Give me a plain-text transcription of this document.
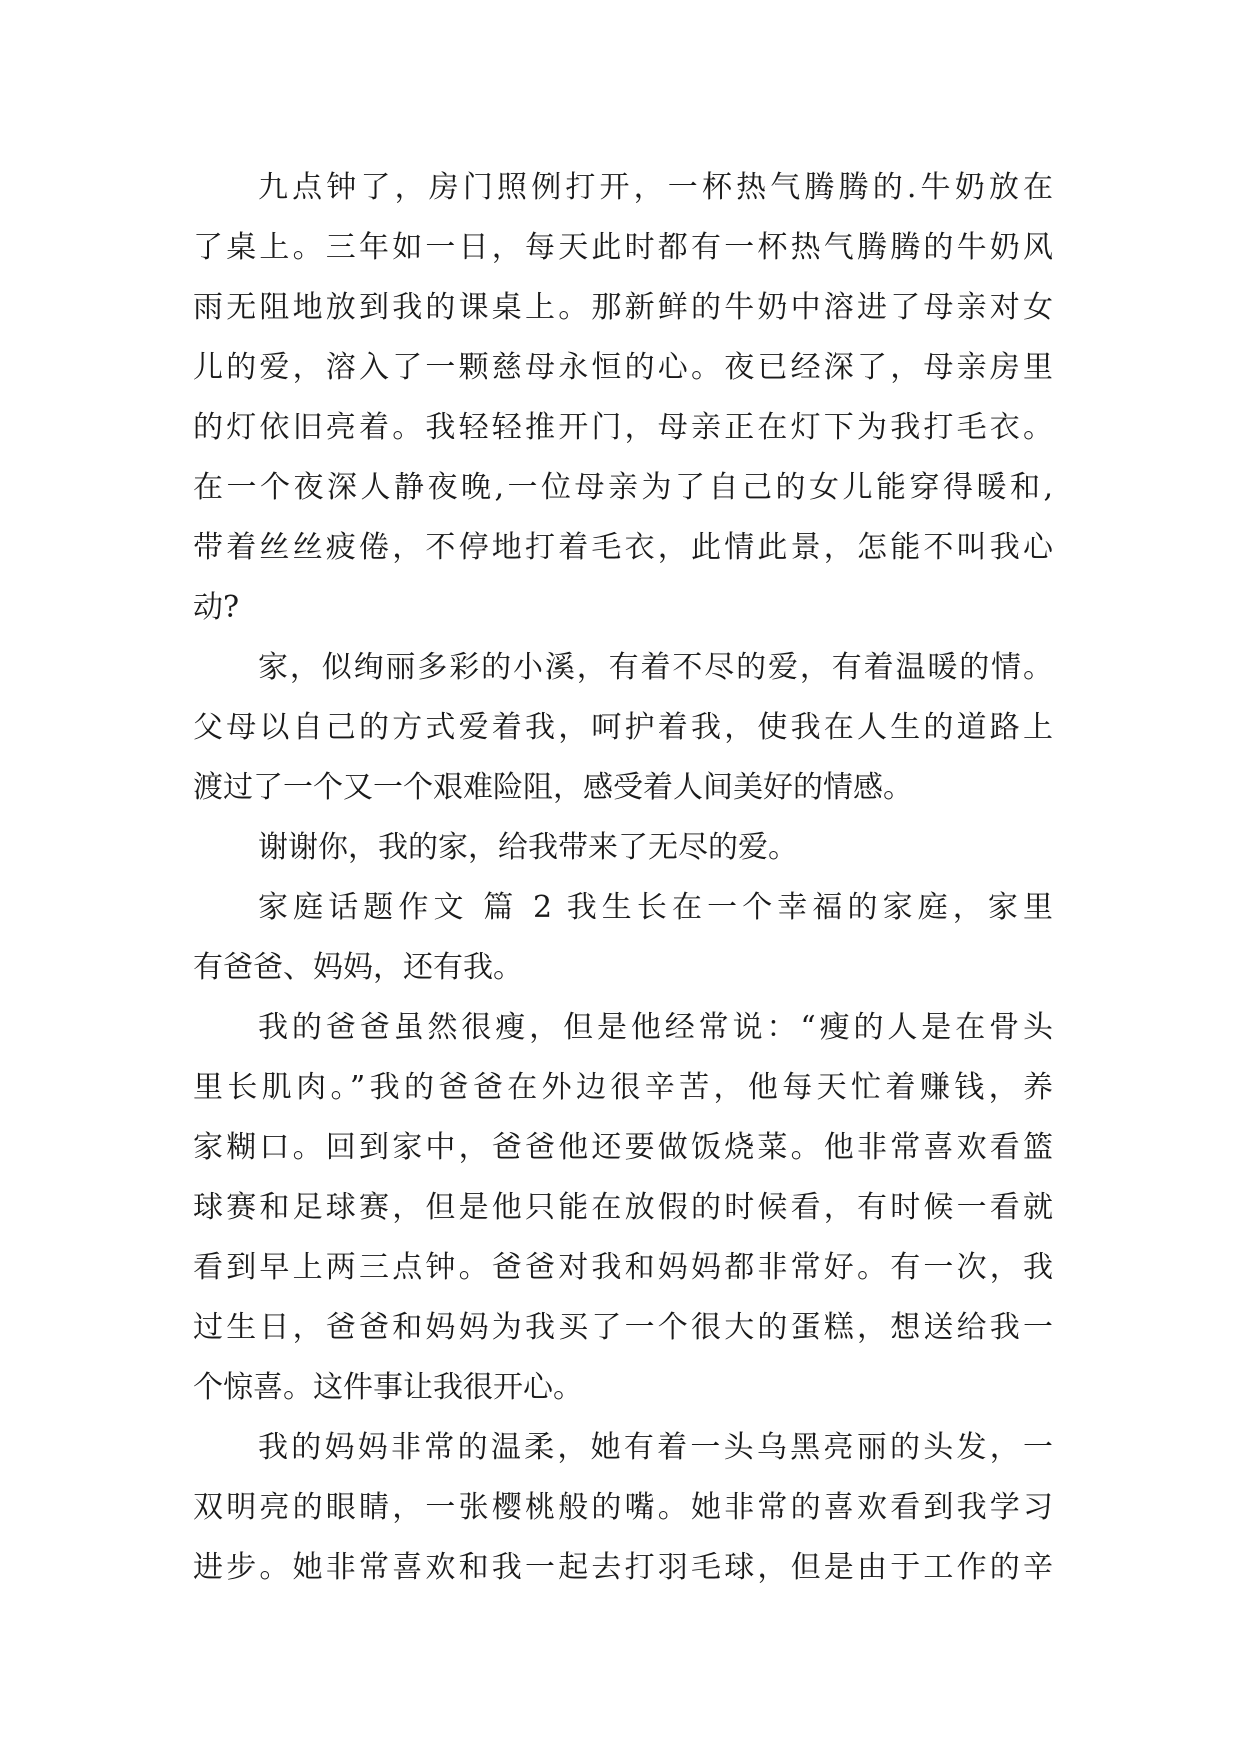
九点钟了，房门照例打开，一杯热气腾腾的.牛奶放在
了桌上。三年如一日，每天此时都有一杯热气腾腾的牛奶风
雨无阻地放到我的课桌上。那新鲜的牛奶中溶进了母亲对女
儿的爱，溶入了一颗慈母永恒的心。夜已经深了，母亲房里
的灯依旧亮着。我轻轻推开门，母亲正在灯下为我打毛衣。
在一个夜深人静夜晚,一位母亲为了自己的女儿能穿得暖和,
带着丝丝疲倦，不停地打着毛衣，此情此景，怎能不叫我心
动?
家，似绚丽多彩的小溪，有着不尽的爱，有着温暖的情。
父母以自己的方式爱着我，呵护着我，使我在人生的道路上
渡过了一个又一个艰难险阻，感受着人间美好的情感。
谢谢你，我的家，给我带来了无尽的爱。
家庭话题作文 篇 2 我生长在一个幸福的家庭，家里
有爸爸、妈妈，还有我。
我的爸爸虽然很瘦，但是他经常说：“瘦的人是在骨头
里长肌肉。”我的爸爸在外边很辛苦，他每天忙着赚钱，养
家糊口。回到家中，爸爸他还要做饭烧菜。他非常喜欢看篮
球赛和足球赛，但是他只能在放假的时候看，有时候一看就
看到早上两三点钟。爸爸对我和妈妈都非常好。有一次，我
过生日，爸爸和妈妈为我买了一个很大的蛋糕，想送给我一
个惊喜。这件事让我很开心。
我的妈妈非常的温柔，她有着一头乌黑亮丽的头发，一
双明亮的眼睛，一张樱桃般的嘴。她非常的喜欢看到我学习
进步。她非常喜欢和我一起去打羽毛球，但是由于工作的辛
